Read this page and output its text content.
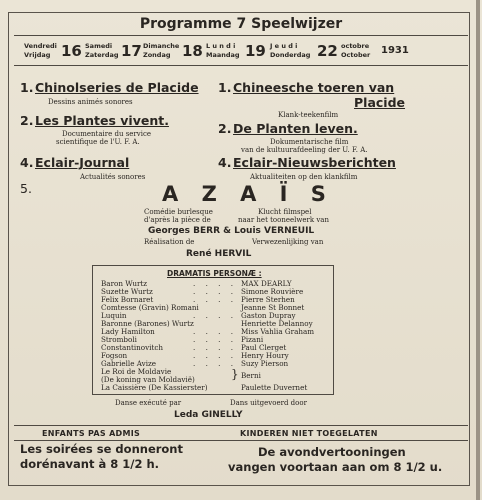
Programme 7 Speelwijzer
Vendredi
Vrijdag 16 Samedi
Zaterdag 17 Dimanche
Zondag 18 L u n d i
Maandag 19 J e u d i
Donderdag 22 octobre
October 1931
1. Chinolseries de Placide
Dessins animés sonores
2. Les Plantes vivent.
Documentaire du service
scientifique de l'U. F. A.
4. Eclair-Journal
Actualités sonores
1. Chineesche toeren van
Placide
Klank-teekenfilm
2. De Planten leven.
Dokumentarische film
van de kultuurafdeeling der U. F. A.
4. Eclair-Nieuwsberichten
Aktualiteiten op den klankfilm
5.	A Z A Ï S
Comédie burlesque
d'après la pièce de
Klucht filmspel
naar het tooneelwerk van
Georges BERR & Louis VERNEUIL
Réalisation de	Verwezenlijking van
René HERVIL
DRAMATIS PERSONÆ :
Baron Wurtz	. . . . MAX DEARLY
Suzette Wurtz	. . . . Simone Rouvière
Felix Bornaret	. . . . Pierre Sterhen
Comtesse (Gravin) Romani	Jeanne St Bonnet
Luquin	. . . . Gaston Dupray
Baronne (Barones) Wurtz	Henriette Delannoy
Lady Hamilton	. . . . Miss Vahlia Graham
Stromboli	. . . . Pizani
Constantinovitch	. . . . Paul Clerget
Fogson	. . . . Henry Houry
Gabrielle Avize	. . . . Suzy Pierson
Le Roi de Moldavie	Berni
(De koning van Moldavië)
La Caissière (De Kassierster)	Paulette Duvernet
}
Danse exécuté par	Dans uitgevoerd door
Leda GINELLY
ENFANTS PAS ADMIS	KINDEREN NIET TOEGELATEN
Les soirées se donneront
dorénavant à 8 1/2 h.
De avondvertooningen
vangen voortaan aan om 8 1/2 u.
